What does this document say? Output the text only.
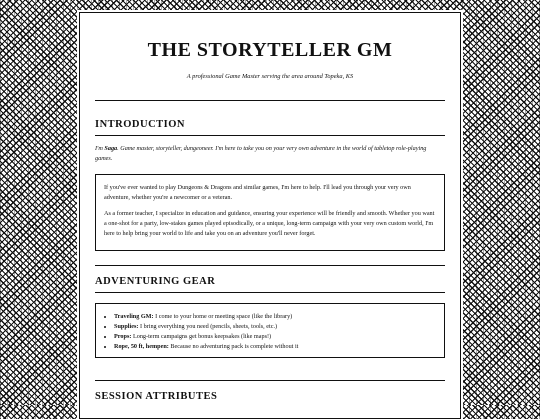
THE STORYTELLER GM

A professional Game Master serving the area around Topeka, KS

INTRODUCTION

I'm Saga. Game master, storyteller, dungeoneer. I'm here to take you on your very own adventure in the world of tabletop role-playing games.

If you've ever wanted to play Dungeons & Dragons and similar games, I'm here to help. I'll lead you through your very own adventure, whether you're a newcomer or a veteran.

As a former teacher, I specialize in education and guidance, ensuring your experience will be friendly and smooth. Whether you want a one-shot for a party, low-stakes games played episodically, or a unique, long-term campaign with your very own custom world, I'm here to help bring your world to life and take you on an adventure you'll never forget.

ADVENTURING GEAR
• Traveling GM: I come to your home or meeting space (like the library)
• Supplies: I bring everything you need (pencils, sheets, tools, etc.)
• Props: Long-term campaigns get bonus keepsakes (like maps!)
• Rope, 50 ft, hempen: Because no adventuring pack is complete without it
SESSION ATTRIBUTES
